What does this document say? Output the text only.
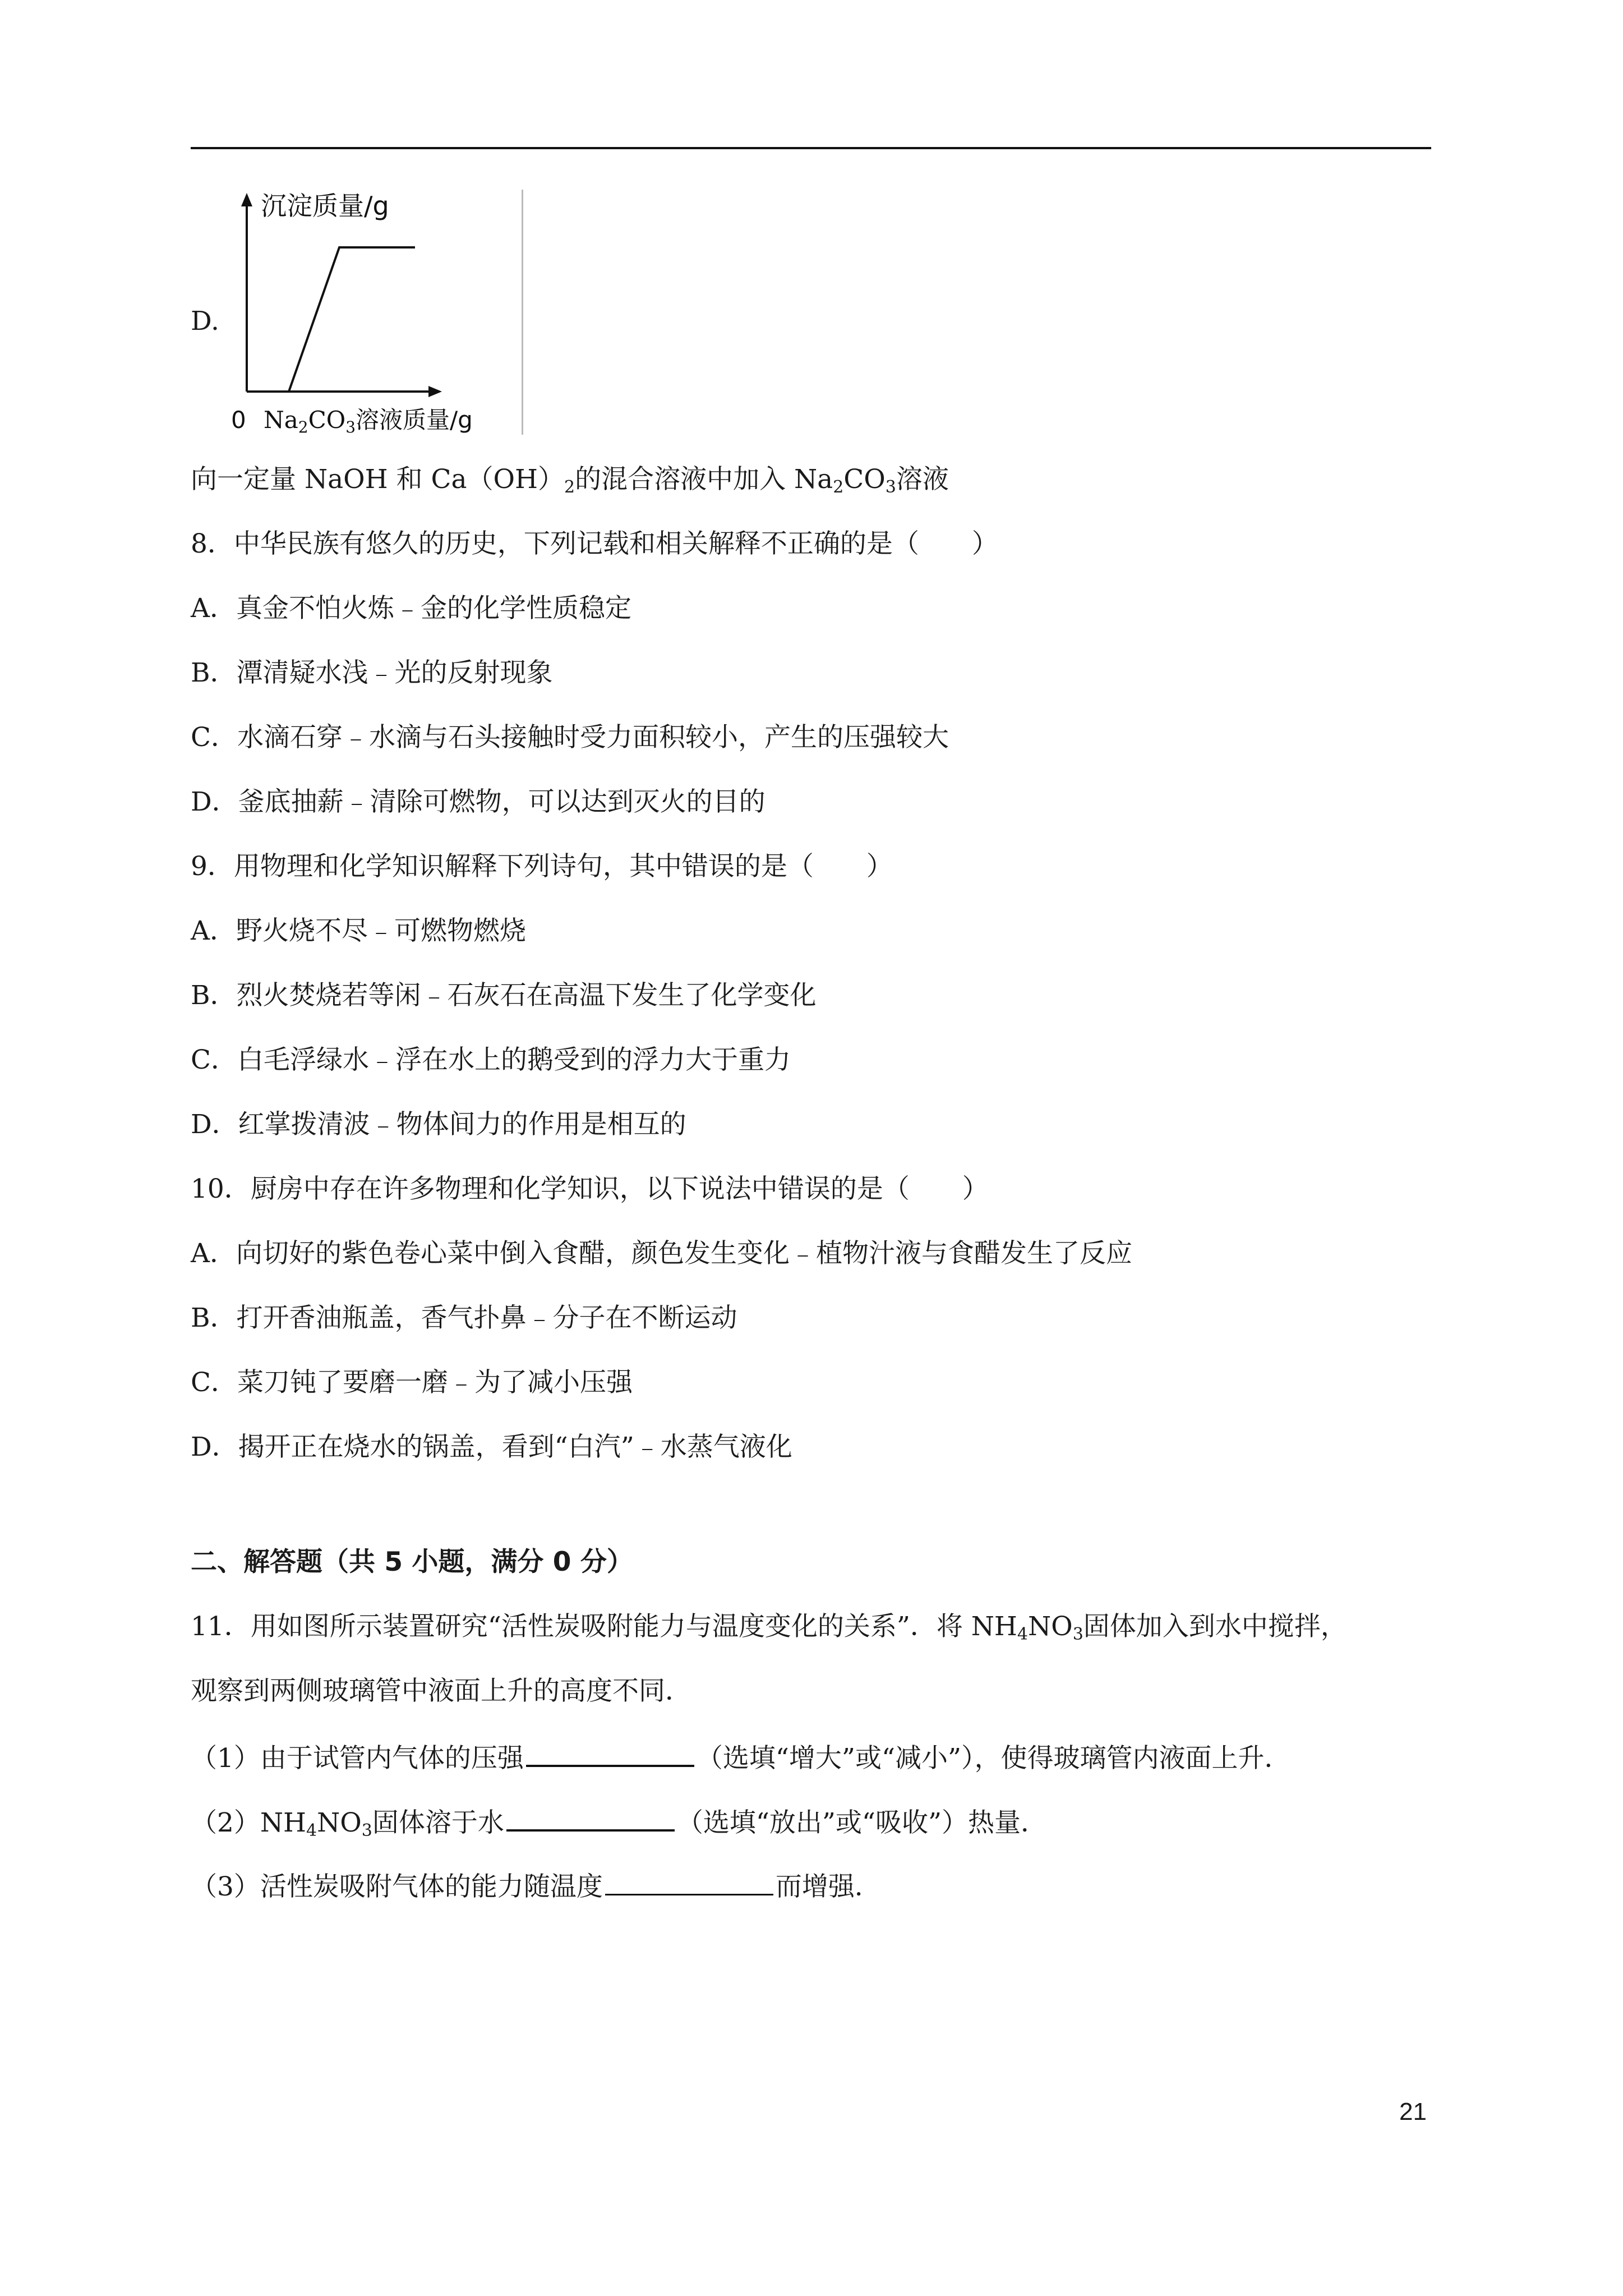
D.
沉淀质量/g
0 Na2CO3溶液质量/g
向一定量 NaOH 和 $Ca(OH)_2$的混合溶液中加入 $Na_2CO_3$溶液
8．中华民族有悠久的历史，下列记载和相关解释不正确的是（　　）
A．真金不怕火炼﹣金的化学性质稳定
B．潭清疑水浅﹣光的反射现象
C．水滴石穿﹣水滴与石头接触时受力面积较小，产生的压强较大
D．釜底抽薪﹣清除可燃物，可以达到灭火的目的
9．用物理和化学知识解释下列诗句，其中错误的是（　　）
A．野火烧不尽﹣可燃物燃烧
B．烈火焚烧若等闲﹣石灰石在高温下发生了化学变化
C．白毛浮绿水﹣浮在水上的鹅受到的浮力大于重力
D．红掌拨清波﹣物体间力的作用是相互的
10．厨房中存在许多物理和化学知识，以下说法中错误的是（　　）
A．向切好的紫色卷心菜中倒入食醋，颜色发生变化﹣植物汁液与食醋发生了反应
B．打开香油瓶盖，香气扑鼻﹣分子在不断运动
C．菜刀钝了要磨一磨﹣为了减小压强
D．揭开正在烧水的锅盖，看到“白汽”﹣水蒸气液化
二、解答题（共 5 小题，满分 0 分）
11．用如图所示装置研究“活性炭吸附能力与温度变化的关系”．将 $NH_4NO_3$固体加入到水中搅拌，
观察到两侧玻璃管中液面上升的高度不同．
（1）由于试管内气体的压强	（选填“增大”或“减小”），使得玻璃管内液面上升．
$(2)NH_4NO_3$固体溶于水	（选填“放出”或“吸收”）热量．
（3）活性炭吸附气体的能力随温度	而增强．
21
